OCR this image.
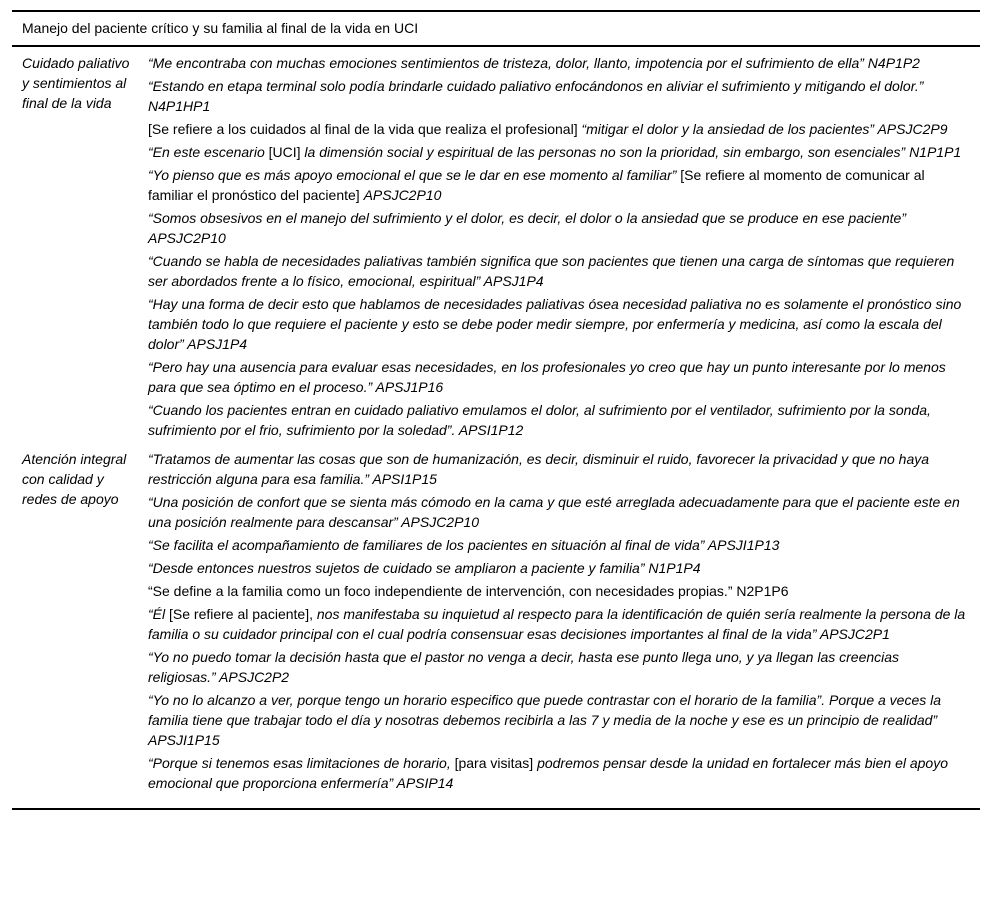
Manejo del paciente crítico y su familia al final de la vida en UCI
Cuidado paliativo y sentimientos al final de la vida

“Me encontraba con muchas emociones sentimientos de tristeza, dolor, llanto, impotencia por el sufrimiento de ella” N4P1P2

“Estando en etapa terminal solo podía brindarle cuidado paliativo enfocándonos en aliviar el sufrimiento y mitigando el dolor.” N4P1HP1

[Se refiere a los cuidados al final de la vida que realiza el profesional] “mitigar el dolor y la ansiedad de los pacientes” APSJC2P9

“En este escenario [UCI] la dimensión social y espiritual de las personas no son la prioridad, sin embargo, son esenciales” N1P1P1

“Yo pienso que es más apoyo emocional el que se le dar en ese momento al familiar” [Se refiere al momento de comunicar al familiar el pronóstico del paciente] APSJC2P10

“Somos obsesivos en el manejo del sufrimiento y el dolor, es decir, el dolor o la ansiedad que se produce en ese paciente” APSJC2P10

“Cuando se habla de necesidades paliativas también significa que son pacientes que tienen una carga de síntomas que requieren ser abordados frente a lo físico, emocional, espiritual” APSJ1P4

“Hay una forma de decir esto que hablamos de necesidades paliativas ósea necesidad paliativa no es solamente el pronóstico sino también todo lo que requiere el paciente y esto se debe poder medir siempre, por enfermería y medicina, así como la escala del dolor” APSJ1P4

“Pero hay una ausencia para evaluar esas necesidades, en los profesionales yo creo que hay un punto interesante por lo menos para que sea óptimo en el proceso.” APSJ1P16

“Cuando los pacientes entran en cuidado paliativo emulamos el dolor, al sufrimiento por el ventilador, sufrimiento por la sonda, sufrimiento por el frio, sufrimiento por la soledad”. APSI1P12

Atención integral con calidad y redes de apoyo

“Tratamos de aumentar las cosas que son de humanización, es decir, disminuir el ruido, favorecer la privacidad y que no haya restricción alguna para esa familia.” APSI1P15

“Una posición de confort que se sienta más cómodo en la cama y que esté arreglada adecuadamente para que el paciente este en una posición realmente para descansar” APSJC2P10

“Se facilita el acompañamiento de familiares de los pacientes en situación al final de vida” APSJI1P13

“Desde entonces nuestros sujetos de cuidado se ampliaron a paciente y familia” N1P1P4

“Se define a la familia como un foco independiente de intervención, con necesidades propias.” N2P1P6

“Él [Se refiere al paciente], nos manifestaba su inquietud al respecto para la identificación de quién sería realmente la persona de la familia o su cuidador principal con el cual podría consensuar esas decisiones importantes al final de la vida” APSJC2P1

“Yo no puedo tomar la decisión hasta que el pastor no venga a decir, hasta ese punto llega uno, y ya llegan las creencias religiosas.” APSJC2P2

“Yo no lo alcanzo a ver, porque tengo un horario especifico que puede contrastar con el horario de la familia”. Porque a veces la familia tiene que trabajar todo el día y nosotras debemos recibirla a las 7 y media de la noche y ese es un principio de realidad” APSJI1P15

“Porque si tenemos esas limitaciones de horario, [para visitas] podremos pensar desde la unidad en fortalecer más bien el apoyo emocional que proporciona enfermería” APSIP14
